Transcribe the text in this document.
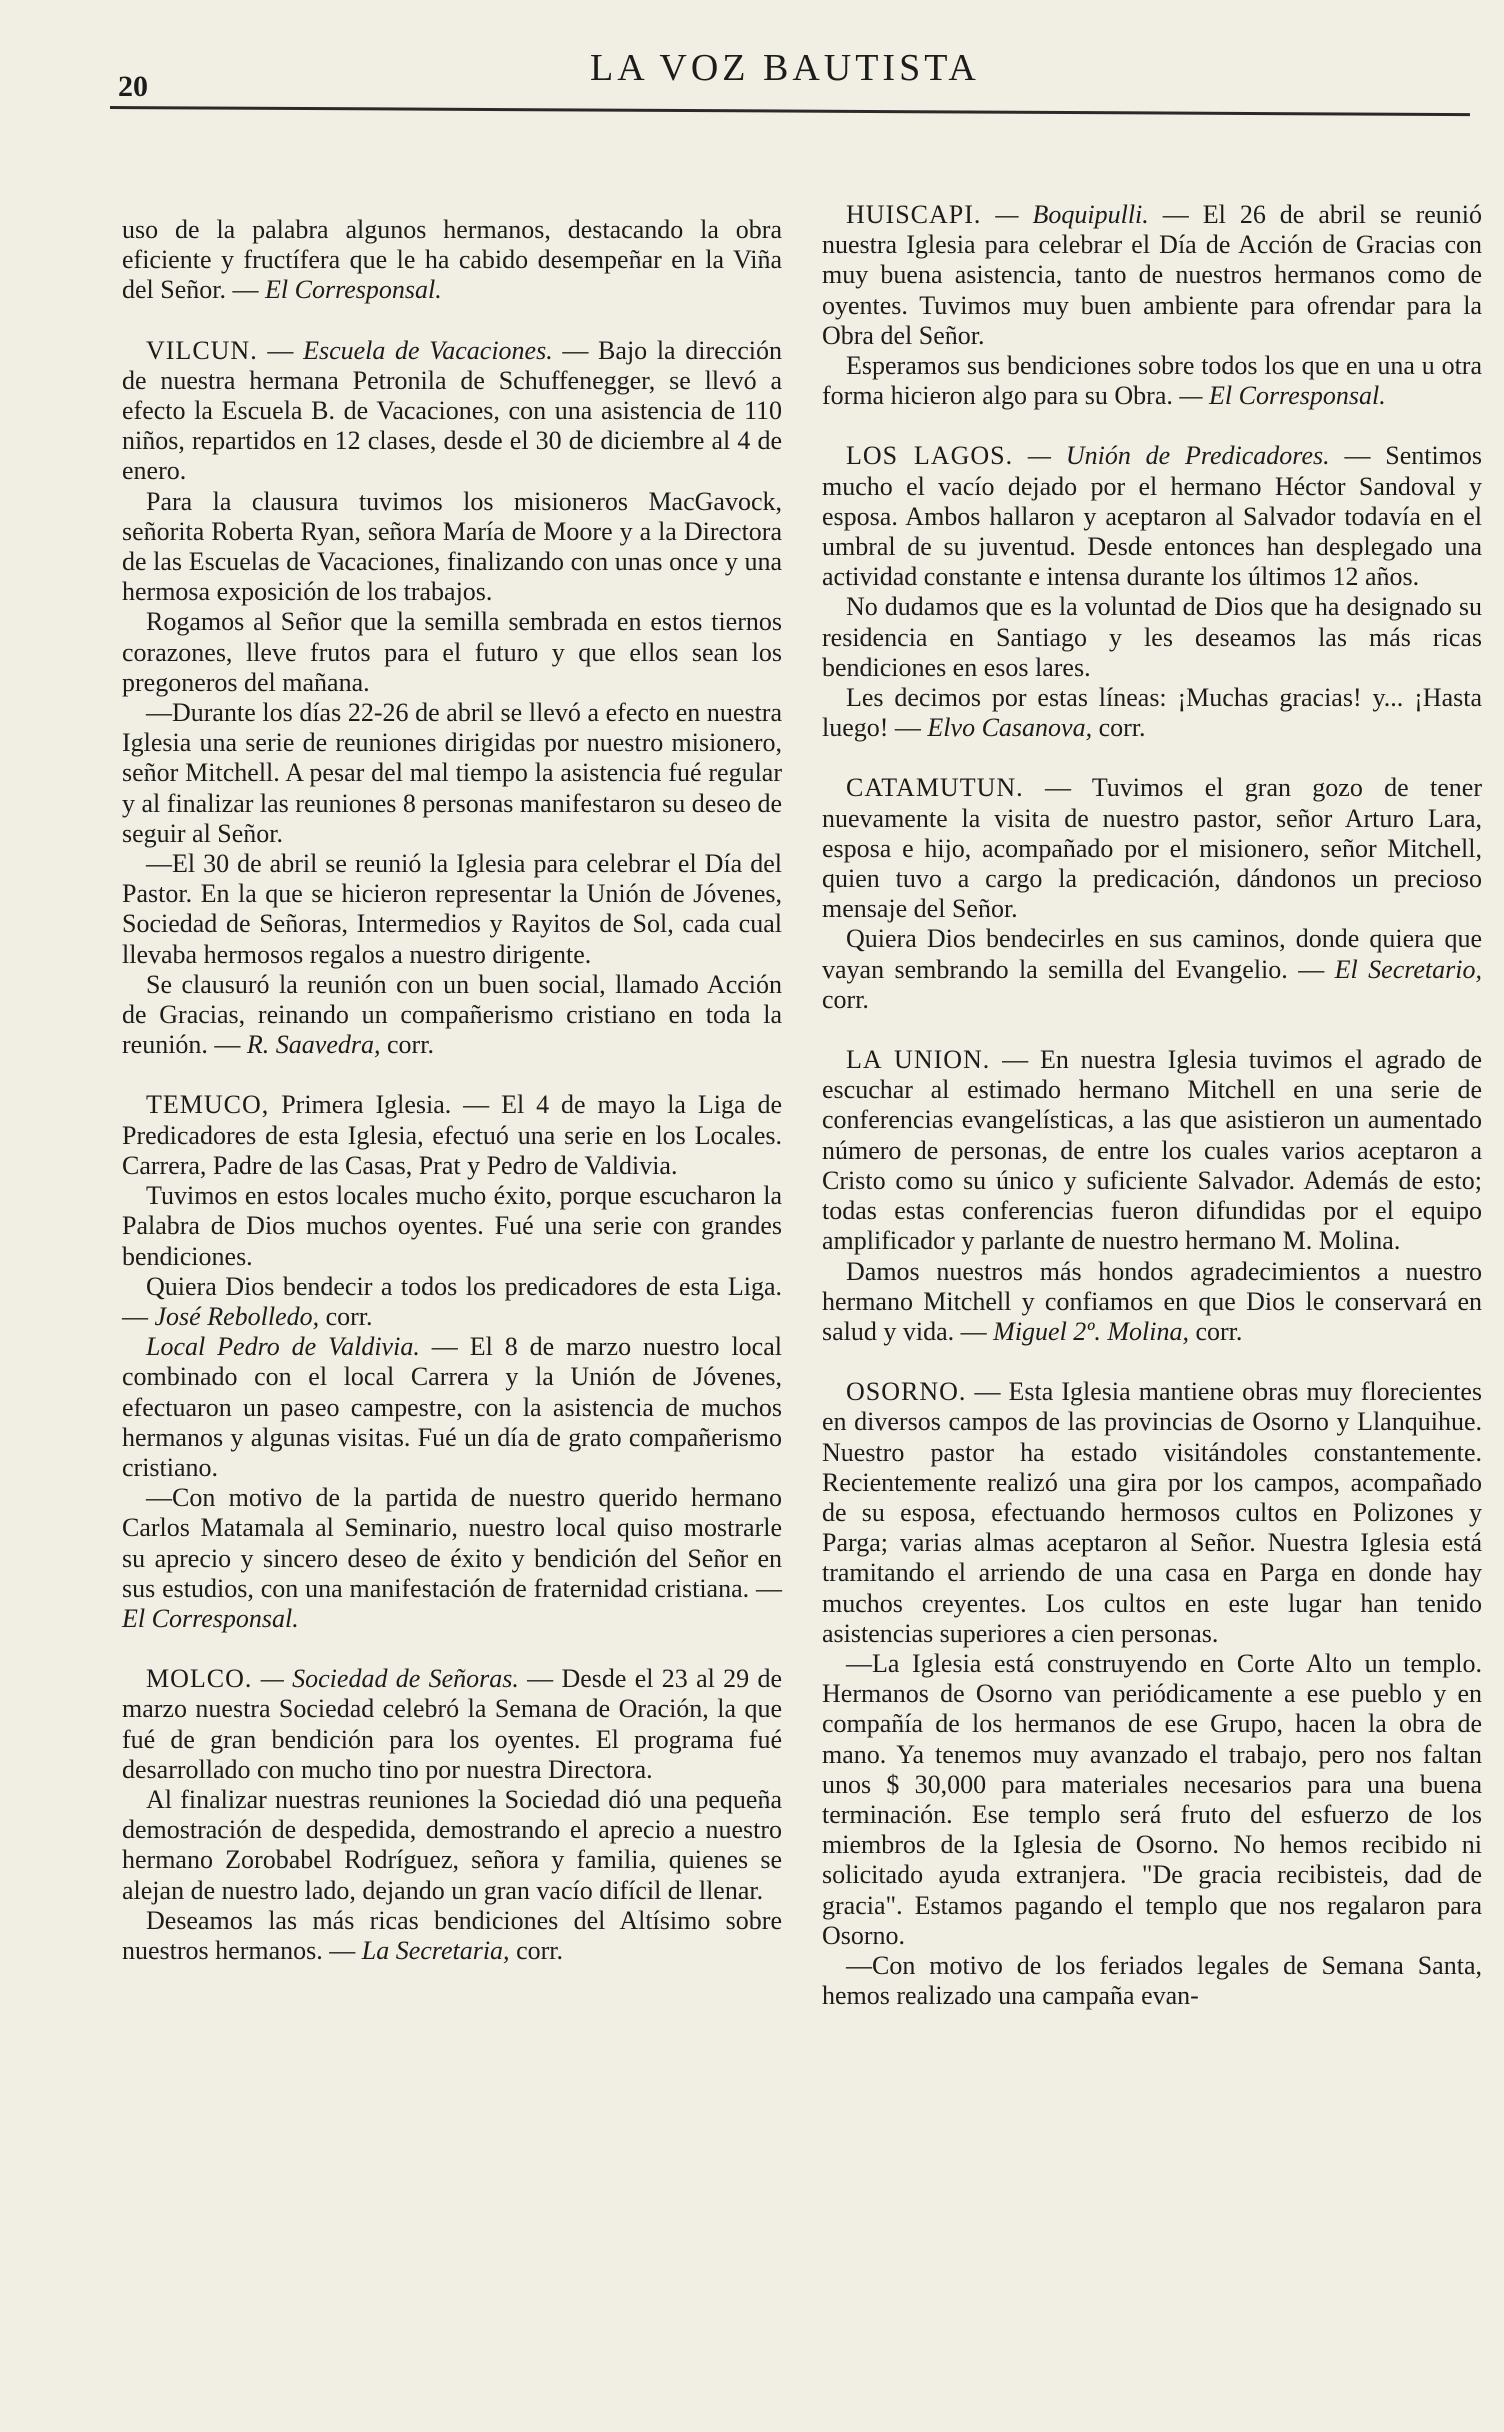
20	LA VOZ BAUTISTA

uso de la palabra algunos hermanos, destacando la obra eficiente y fructífera que le ha cabido desempeñar en la Viña del Señor. — El Corresponsal.

VILCUN. — Escuela de Vacaciones. — Bajo la dirección de nuestra hermana Petronila de Schuffenegger, se llevó a efecto la Escuela B. de Vacaciones, con una asistencia de 110 niños, repartidos en 12 clases, desde el 30 de diciembre al 4 de enero.

Para la clausura tuvimos los misioneros MacGavock, señorita Roberta Ryan, señora María de Moore y a la Directora de las Escuelas de Vacaciones, finalizando con unas once y una hermosa exposición de los trabajos.

Rogamos al Señor que la semilla sembrada en estos tiernos corazones, lleve frutos para el futuro y que ellos sean los pregoneros del mañana.

—Durante los días 22-26 de abril se llevó a efecto en nuestra Iglesia una serie de reuniones dirigidas por nuestro misionero, señor Mitchell. A pesar del mal tiempo la asistencia fué regular y al finalizar las reuniones 8 personas manifestaron su deseo de seguir al Señor.

—El 30 de abril se reunió la Iglesia para celebrar el Día del Pastor. En la que se hicieron representar la Unión de Jóvenes, Sociedad de Señoras, Intermedios y Rayitos de Sol, cada cual llevaba hermosos regalos a nuestro dirigente.

Se clausuró la reunión con un buen social, llamado Acción de Gracias, reinando un compañerismo cristiano en toda la reunión. — R. Saavedra, corr.

TEMUCO, Primera Iglesia. — El 4 de mayo la Liga de Predicadores de esta Iglesia, efectuó una serie en los Locales. Carrera, Padre de las Casas, Prat y Pedro de Valdivia.

Tuvimos en estos locales mucho éxito, porque escucharon la Palabra de Dios muchos oyentes. Fué una serie con grandes bendiciones.

Quiera Dios bendecir a todos los predicadores de esta Liga. — José Rebolledo, corr.

Local Pedro de Valdivia. — El 8 de marzo nuestro local combinado con el local Carrera y la Unión de Jóvenes, efectuaron un paseo campestre, con la asistencia de muchos hermanos y algunas visitas. Fué un día de grato compañerismo cristiano.

—Con motivo de la partida de nuestro querido hermano Carlos Matamala al Seminario, nuestro local quiso mostrarle su aprecio y sincero deseo de éxito y bendición del Señor en sus estudios, con una manifestación de fraternidad cristiana. — El Corresponsal.

MOLCO. — Sociedad de Señoras. — Desde el 23 al 29 de marzo nuestra Sociedad celebró la Semana de Oración, la que fué de gran bendición para los oyentes. El programa fué desarrollado con mucho tino por nuestra Directora.

Al finalizar nuestras reuniones la Sociedad dió una pequeña demostración de despedida, demostrando el aprecio a nuestro hermano Zorobabel Rodríguez, señora y familia, quienes se alejan de nuestro lado, dejando un gran vacío difícil de llenar.

Deseamos las más ricas bendiciones del Altísimo sobre nuestros hermanos. — La Secretaria, corr.

HUISCAPI. — Boquipulli. — El 26 de abril se reunió nuestra Iglesia para celebrar el Día de Acción de Gracias con muy buena asistencia, tanto de nuestros hermanos como de oyentes. Tuvimos muy buen ambiente para ofrendar para la Obra del Señor.

Esperamos sus bendiciones sobre todos los que en una u otra forma hicieron algo para su Obra. — El Corresponsal.

LOS LAGOS. — Unión de Predicadores. — Sentimos mucho el vacío dejado por el hermano Héctor Sandoval y esposa. Ambos hallaron y aceptaron al Salvador todavía en el umbral de su juventud. Desde entonces han desplegado una actividad constante e intensa durante los últimos 12 años.

No dudamos que es la voluntad de Dios que ha designado su residencia en Santiago y les deseamos las más ricas bendiciones en esos lares.

Les decimos por estas líneas: ¡Muchas gracias! y... ¡Hasta luego! — Elvo Casanova, corr.

CATAMUTUN. — Tuvimos el gran gozo de tener nuevamente la visita de nuestro pastor, señor Arturo Lara, esposa e hijo, acompañado por el misionero, señor Mitchell, quien tuvo a cargo la predicación, dándonos un precioso mensaje del Señor.

Quiera Dios bendecirles en sus caminos, donde quiera que vayan sembrando la semilla del Evangelio. — El Secretario, corr.

LA UNION. — En nuestra Iglesia tuvimos el agrado de escuchar al estimado hermano Mitchell en una serie de conferencias evangelísticas, a las que asistieron un aumentado número de personas, de entre los cuales varios aceptaron a Cristo como su único y suficiente Salvador. Además de esto; todas estas conferencias fueron difundidas por el equipo amplificador y parlante de nuestro hermano M. Molina.

Damos nuestros más hondos agradecimientos a nuestro hermano Mitchell y confiamos en que Dios le conservará en salud y vida. — Miguel 2º. Molina, corr.

OSORNO. — Esta Iglesia mantiene obras muy florecientes en diversos campos de las provincias de Osorno y Llanquihue. Nuestro pastor ha estado visitándoles constantemente. Recientemente realizó una gira por los campos, acompañado de su esposa, efectuando hermosos cultos en Polizones y Parga; varias almas aceptaron al Señor. Nuestra Iglesia está tramitando el arriendo de una casa en Parga en donde hay muchos creyentes. Los cultos en este lugar han tenido asistencias superiores a cien personas.

—La Iglesia está construyendo en Corte Alto un templo. Hermanos de Osorno van periódicamente a ese pueblo y en compañía de los hermanos de ese Grupo, hacen la obra de mano. Ya tenemos muy avanzado el trabajo, pero nos faltan unos $ 30,000 para materiales necesarios para una buena terminación. Ese templo será fruto del esfuerzo de los miembros de la Iglesia de Osorno. No hemos recibido ni solicitado ayuda extranjera. "De gracia recibisteis, dad de gracia". Estamos pagando el templo que nos regalaron para Osorno.

—Con motivo de los feriados legales de Semana Santa, hemos realizado una campaña evan-
